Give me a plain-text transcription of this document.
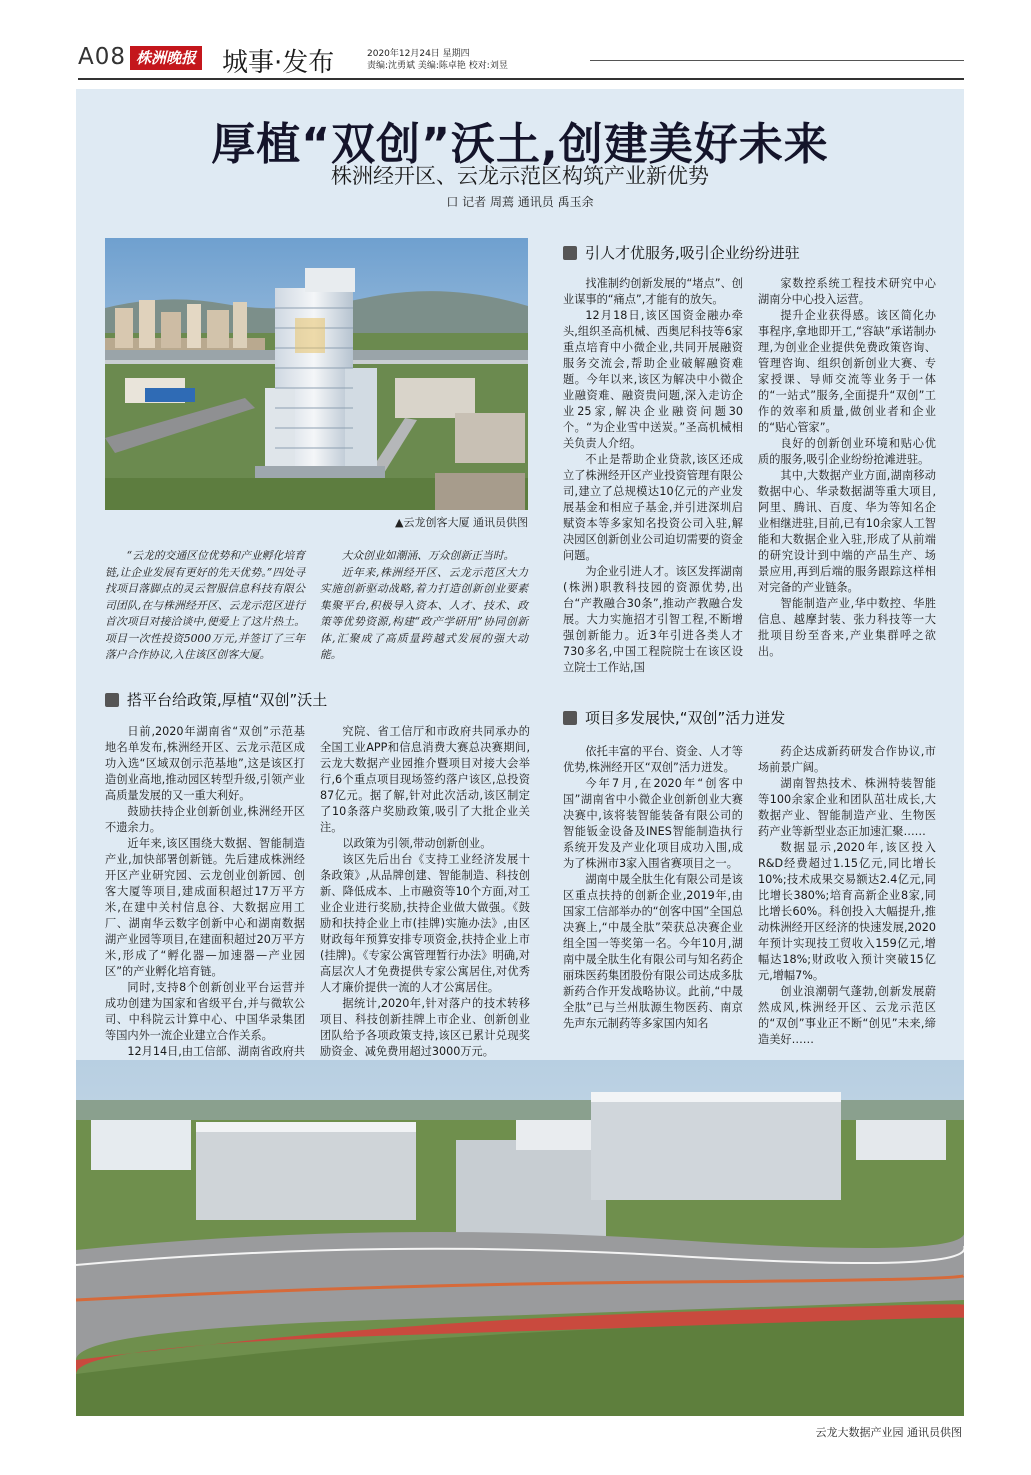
A08 株洲晚报 城事·发布	2020年12月24日 星期四
责编:沈勇斌 美编:陈卓艳 校对:刘昱
厚植“双创”沃土,创建美好未来
株洲经开区、云龙示范区构筑产业新优势
口 记者 周蔫 通讯员 禹玉余
▲云龙创客大厦 通讯员供图

“云龙的交通区位优势和产业孵化培育链,让企业发展有更好的先天优势。”四处寻找项目落脚点的灵云智服信息科技有限公司团队,在与株洲经开区、云龙示范区进行首次项目对接洽谈中,便爱上了这片热土。项目一次性投资5000万元,并签订了三年落户合作协议,入住该区创客大厦。

大众创业如潮涌、万众创新正当时。

近年来,株洲经开区、云龙示范区大力实施创新驱动战略,着力打造创新创业要素集聚平台,积极导入资本、人才、技术、政策等优势资源,构建“政产学研用”协同创新体,汇聚成了高质量跨越式发展的强大动能。

搭平台给政策,厚植“双创”沃土

日前,2020年湖南省“双创”示范基地名单发布,株洲经开区、云龙示范区成功入选“区域双创示范基地”,这是该区打造创业高地,推动园区转型升级,引领产业高质量发展的又一重大利好。

鼓励扶持企业创新创业,株洲经开区不遗余力。

近年来,该区围绕大数据、智能制造产业,加快部署创新链。先后建成株洲经开区产业研究园、云龙创业创新园、创客大厦等项目,建成面积超过17万平方米,在建中关村信息谷、大数据应用工厂、湖南华云数字创新中心和湖南数据湖产业园等项目,在建面积超过20万平方米,形成了“孵化器—加速器—产业园区”的产业孵化培育链。

同时,支持8个创新创业平台运营并成功创建为国家和省级平台,并与微软公司、中科院云计算中心、中国华录集团等国内外一流企业建立合作关系。

12月14日,由工信部、湖南省政府共

究院、省工信厅和市政府共同承办的全国工业APP和信息消费大赛总决赛期间,云龙大数据产业园推介暨项目对接大会举行,6个重点项目现场签约落户该区,总投资87亿元。据了解,针对此次活动,该区制定了10条落户奖励政策,吸引了大批企业关注。

以政策为引领,带动创新创业。

该区先后出台《支持工业经济发展十条政策》,从品牌创建、智能制造、科技创新、降低成本、上市融资等10个方面,对工业企业进行奖励,扶持企业做大做强。《鼓励和扶持企业上市(挂牌)实施办法》,由区财政每年预算安排专项资金,扶持企业上市(挂牌)。《专家公寓管理暂行办法》明确,对高层次人才免费提供专家公寓居住,对优秀人才廉价提供一流的人才公寓居住。

据统计,2020年,针对落户的技术转移项目、科技创新挂牌上市企业、创新创业团队给予各项政策支持,该区已累计兑现奖励资金、减免费用超过3000万元。

引人才优服务,吸引企业纷纷进驻

找准制约创新发展的“堵点”、创业谋事的“痛点”,才能有的放矢。

12月18日,该区国资金融办牵头,组织圣高机械、西奥尼科技等6家重点培育中小微企业,共同开展融资服务交流会,帮助企业破解融资难题。今年以来,该区为解决中小微企业融资难、融资贵问题,深入走访企业25家,解决企业融资问题30个。“为企业雪中送炭。”圣高机械相关负责人介绍。

不止是帮助企业贷款,该区还成立了株洲经开区产业投资管理有限公司,建立了总规模达10亿元的产业发展基金和相应子基金,并引进深圳启赋资本等多家知名投资公司入驻,解决园区创新创业公司迫切需要的资金问题。

为企业引进人才。该区发挥湖南(株洲)职教科技园的资源优势,出台“产教融合30条”,推动产教融合发展。大力实施招才引智工程,不断增强创新能力。近3年引进各类人才730多名,中国工程院院士在该区设立院士工作站,国

家数控系统工程技术研究中心湖南分中心投入运营。

提升企业获得感。该区简化办事程序,拿地即开工,“容缺”承诺制办理,为创业企业提供免费政策咨询、管理咨询、组织创新创业大赛、专家授课、导师交流等业务于一体的“一站式”服务,全面提升“双创”工作的效率和质量,做创业者和企业的“贴心管家”。

良好的创新创业环境和贴心优质的服务,吸引企业纷纷抢滩进驻。

其中,大数据产业方面,湖南移动数据中心、华录数据湖等重大项目,阿里、腾讯、百度、华为等知名企业相继进驻,目前,已有10余家人工智能和大数据企业入驻,形成了从前端的研究设计到中端的产品生产、场景应用,再到后端的服务跟踪这样相对完备的产业链条。

智能制造产业,华中数控、华胜信息、越摩封装、张力科技等一大批项目纷至沓来,产业集群呼之欲出。

项目多发展快,“双创”活力迸发

依托丰富的平台、资金、人才等优势,株洲经开区“双创”活力迸发。

今年7月,在2020年“创客中国”湖南省中小微企业创新创业大赛决赛中,该将装智能装备有限公司的智能钣金设备及INES智能制造执行系统开发及产业化项目成功入围,成为了株洲市3家入围省赛项目之一。

湖南中晟全肽生化有限公司是该区重点扶持的创新企业,2019年,由国家工信部举办的“创客中国”全国总决赛上,“中晟全肽”荣获总决赛企业组全国一等奖第一名。今年10月,湖南中晟全肽生化有限公司与知名药企丽珠医药集团股份有限公司达成多肽新药合作开发战略协议。此前,“中晟全肽”已与兰州肽源生物医药、南京先声东元制药等多家国内知名

药企达成新药研发合作协议,市场前景广阔。

湖南智热技术、株洲特装智能等100余家企业和团队茁壮成长,大数据产业、智能制造产业、生物医药产业等新型业态正加速汇聚……

数据显示,2020年,该区投入R&D经费超过1.15亿元,同比增长10%;技术成果交易额达2.4亿元,同比增长380%;培育高新企业8家,同比增长60%。科创投入大幅提升,推动株洲经开区经济的快速发展,2020年预计实现技工贸收入159亿元,增幅达18%;财政收入预计突破15亿元,增幅7%。

创业浪潮朝气蓬勃,创新发展蔚然成风,株洲经开区、云龙示范区的“双创”事业正不断“创见”未来,缔造美好……

云龙大数据产业园 通讯员供图
